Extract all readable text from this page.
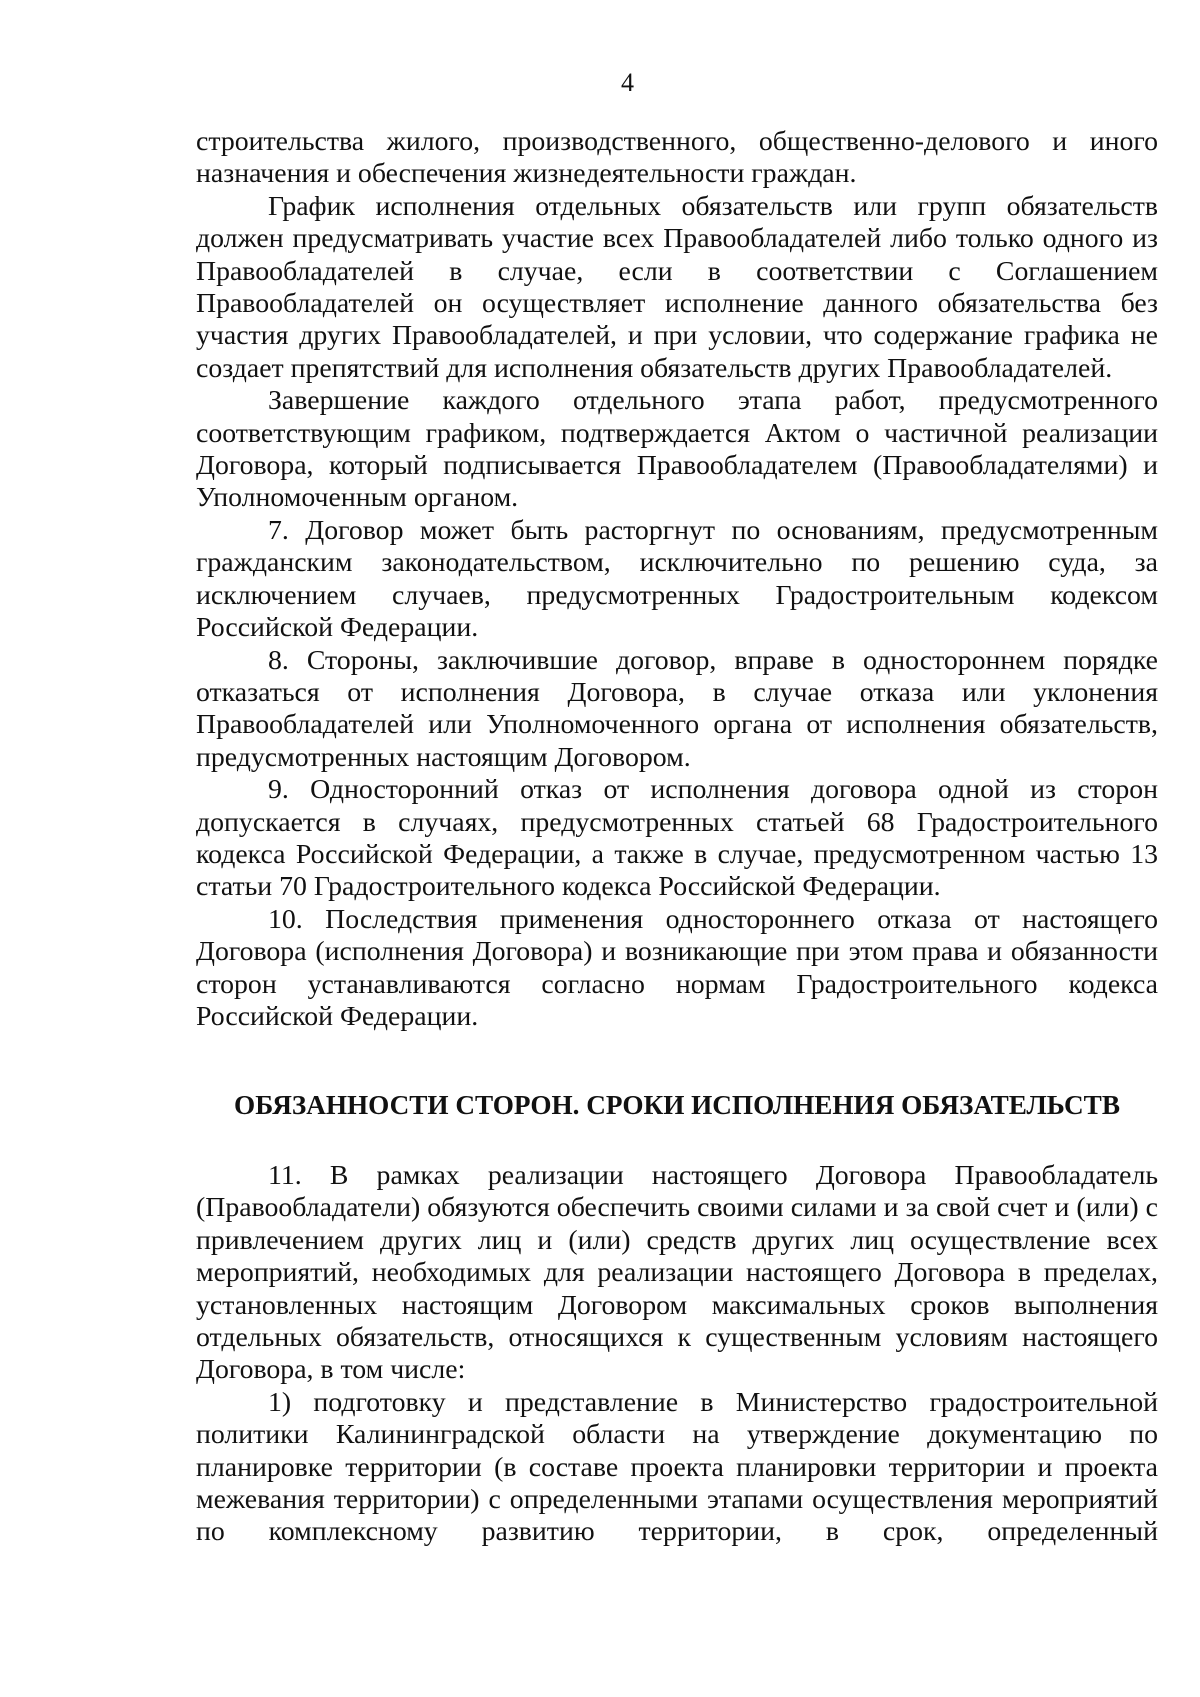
4

строительства жилого, производственного, общественно-делового и иного назначения и обеспечения жизнедеятельности граждан.

График исполнения отдельных обязательств или групп обязательств должен предусматривать участие всех Правообладателей либо только одного из Правообладателей в случае, если в соответствии с Соглашением Правообладателей он осуществляет исполнение данного обязательства без участия других Правообладателей, и при условии, что содержание графика не создает препятствий для исполнения обязательств других Правообладателей.

Завершение каждого отдельного этапа работ, предусмотренного соответствующим графиком, подтверждается Актом о частичной реализации Договора, который подписывается Правообладателем (Правообладателями) и Уполномоченным органом.

7. Договор может быть расторгнут по основаниям, предусмотренным гражданским законодательством, исключительно по решению суда, за исключением случаев, предусмотренных Градостроительным кодексом Российской Федерации.

8. Стороны, заключившие договор, вправе в одностороннем порядке отказаться от исполнения Договора, в случае отказа или уклонения Правообладателей или Уполномоченного органа от исполнения обязательств, предусмотренных настоящим Договором.

9. Односторонний отказ от исполнения договора одной из сторон допускается в случаях, предусмотренных статьей 68 Градостроительного кодекса Российской Федерации, а также в случае, предусмотренном частью 13 статьи 70 Градостроительного кодекса Российской Федерации.

10. Последствия применения одностороннего отказа от настоящего Договора (исполнения Договора) и возникающие при этом права и обязанности сторон устанавливаются согласно нормам Градостроительного кодекса Российской Федерации.

ОБЯЗАННОСТИ СТОРОН. СРОКИ ИСПОЛНЕНИЯ ОБЯЗАТЕЛЬСТВ

11. В рамках реализации настоящего Договора Правообладатель (Правообладатели) обязуются обеспечить своими силами и за свой счет и (или) с привлечением других лиц и (или) средств других лиц осуществление всех мероприятий, необходимых для реализации настоящего Договора в пределах, установленных настоящим Договором максимальных сроков выполнения отдельных обязательств, относящихся к существенным условиям настоящего Договора, в том числе:

1) подготовку и представление в Министерство градостроительной политики Калининградской области на утверждение документацию по планировке территории (в составе проекта планировки территории и проекта межевания территории) с определенными этапами осуществления мероприятий по комплексному развитию территории, в срок, определенный
